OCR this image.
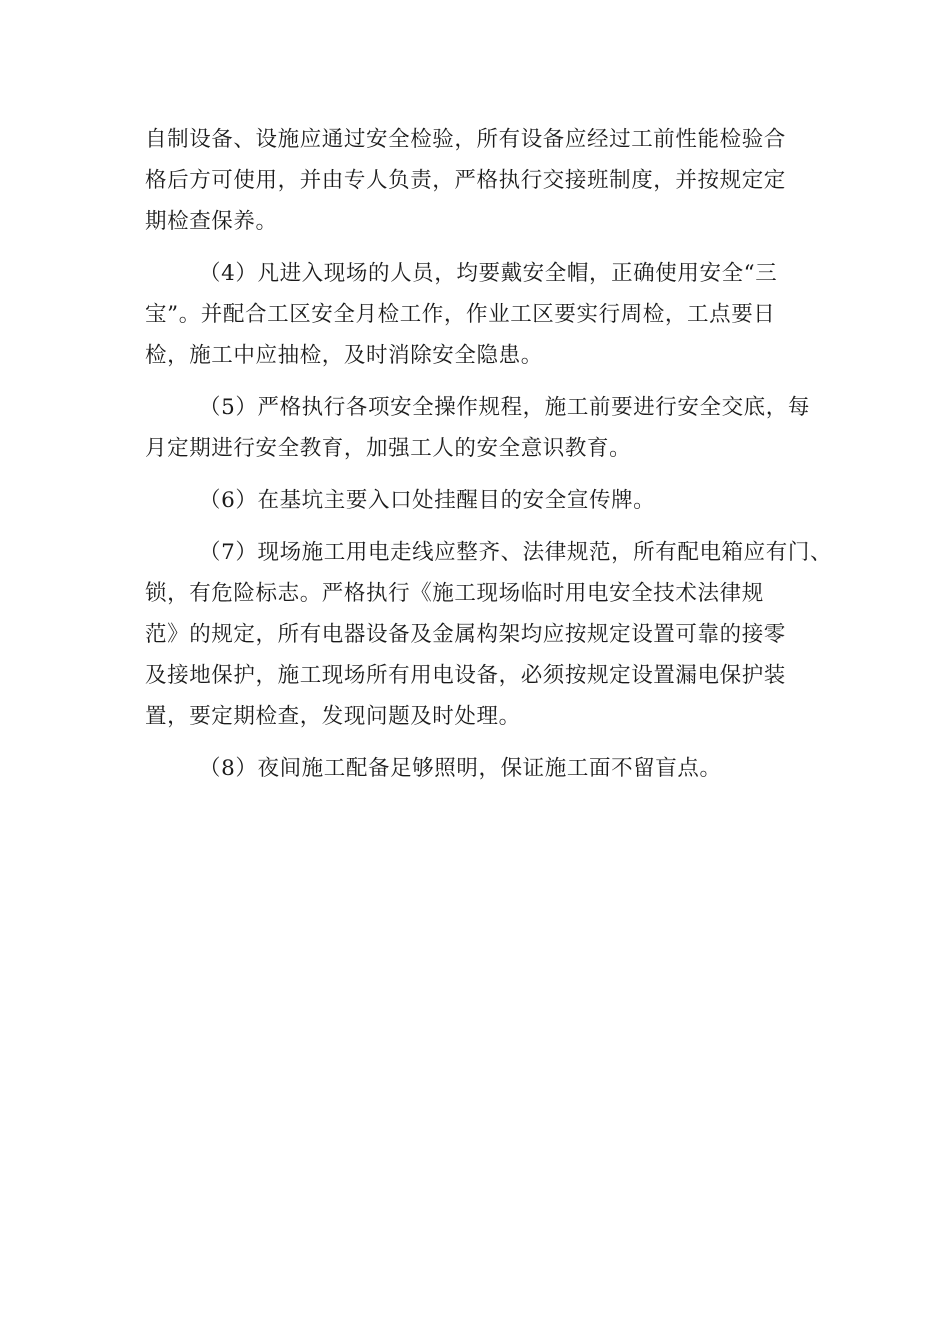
自制设备、设施应通过安全检验，所有设备应经过工前性能检验合
格后方可使用，并由专人负责，严格执行交接班制度，并按规定定
期检查保养。

（4）凡进入现场的人员，均要戴安全帽，正确使用安全“三
宝”。并配合工区安全月检工作，作业工区要实行周检，工点要日
检，施工中应抽检，及时消除安全隐患。

（5）严格执行各项安全操作规程，施工前要进行安全交底，每
月定期进行安全教育，加强工人的安全意识教育。

（6）在基坑主要入口处挂醒目的安全宣传牌。

（7）现场施工用电走线应整齐、法律规范，所有配电箱应有门、
锁，有危险标志。严格执行《施工现场临时用电安全技术法律规
范》的规定，所有电器设备及金属构架均应按规定设置可靠的接零
及接地保护，施工现场所有用电设备，必须按规定设置漏电保护装
置，要定期检查，发现问题及时处理。

（8）夜间施工配备足够照明，保证施工面不留盲点。
